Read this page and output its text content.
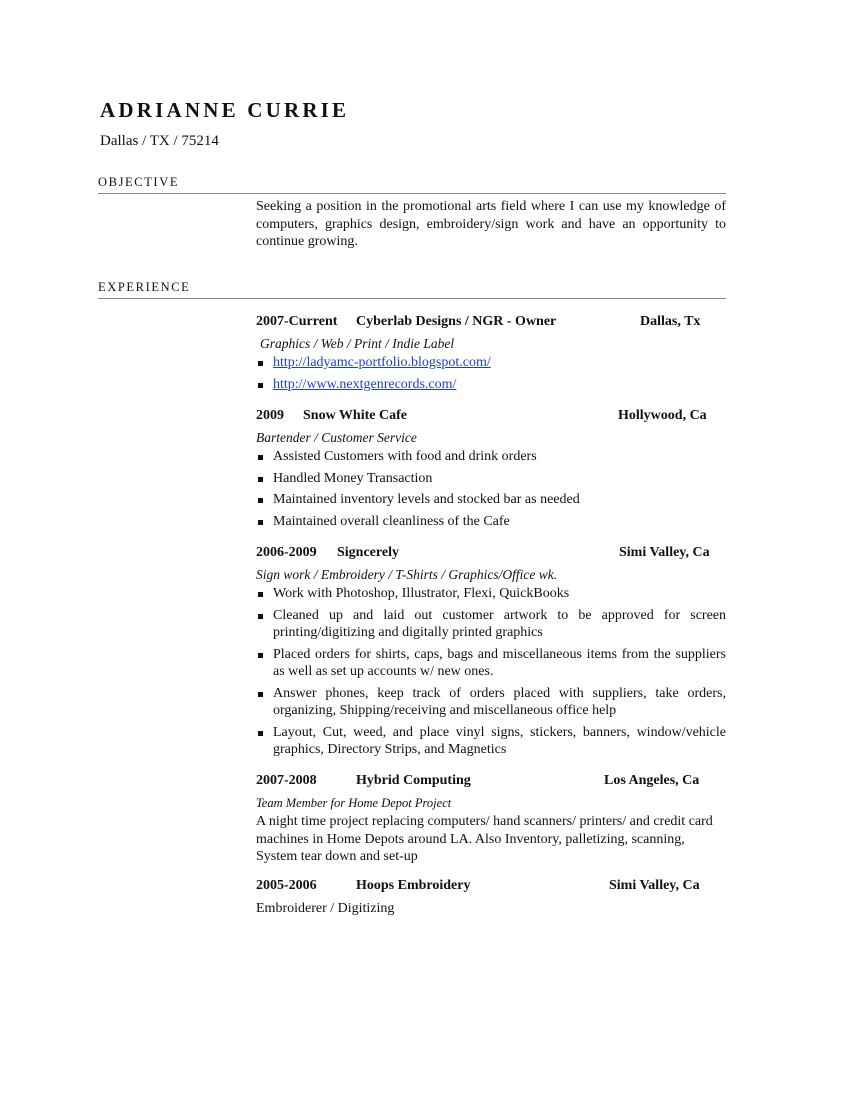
ADRIANNE CURRIE
Dallas / TX / 75214
OBJECTIVE
Seeking a position in the promotional arts field where I can use my knowledge of computers, graphics design, embroidery/sign work and have an opportunity to continue growing.
EXPERIENCE
2007-Current Cyberlab Designs / NGR - Owner	Dallas, Tx
Graphics / Web / Print / Indie Label
http://ladyamc-portfolio.blogspot.com/
http://www.nextgenrecords.com/
2009 Snow White Cafe	Hollywood, Ca
Bartender / Customer Service
Assisted Customers with food and drink orders
Handled Money Transaction
Maintained inventory levels and stocked bar as needed
Maintained overall cleanliness of the Cafe
2006-2009 Signcerely	Simi Valley, Ca
Sign work / Embroidery / T-Shirts / Graphics/Office wk.
Work with Photoshop, Illustrator, Flexi, QuickBooks
Cleaned up and laid out customer artwork to be approved for screen printing/digitizing and digitally printed graphics
Placed orders for shirts, caps, bags and miscellaneous items from the suppliers as well as set up accounts w/ new ones.
Answer phones, keep track of orders placed with suppliers, take orders, organizing, Shipping/receiving and miscellaneous office help
Layout, Cut, weed, and place vinyl signs, stickers, banners, window/vehicle graphics, Directory Strips, and Magnetics
2007-2008	Hybrid Computing	Los Angeles, Ca
Team Member for Home Depot Project
A night time project replacing computers/ hand scanners/ printers/ and credit card machines in Home Depots around LA. Also Inventory, palletizing, scanning, System tear down and set-up
2005-2006	Hoops Embroidery	Simi Valley, Ca
Embroiderer / Digitizing
